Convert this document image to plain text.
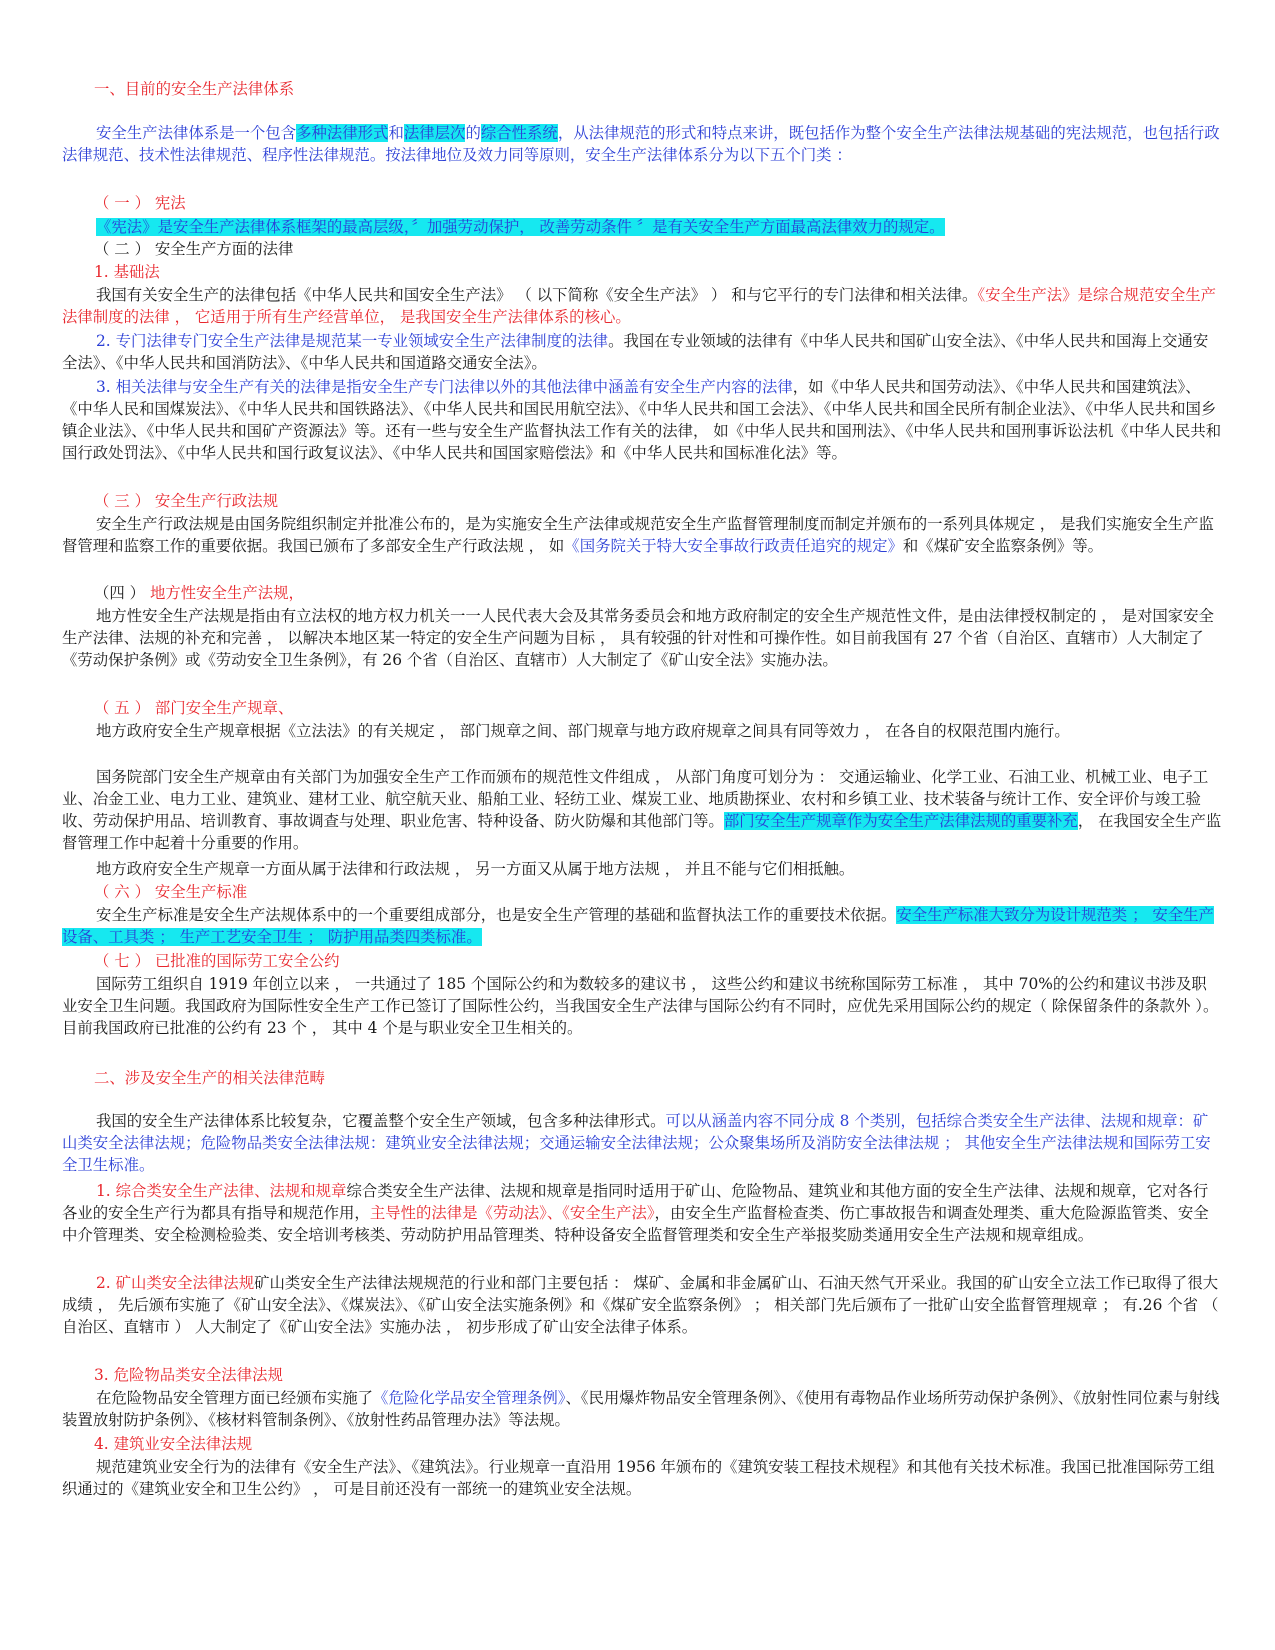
一、目前的安全生产法律体系

安全生产法律体系是一个包含多种法律形式和法律层次的综合性系统，从法律规范的形式和特点来讲，既包括作为整个安全生产法律法规基础的宪法规范，也包括行政法律规范、技术性法律规范、程序性法律规范。按法律地位及效力同等原则，安全生产法律体系分为以下五个门类 ：

（ 一 ） 宪法

《宪法》是安全生产法律体系框架的最高层级，〞加强劳动保护， 改善劳动条件 〞是有关安全生产方面最高法律效力的规定。

（ 二 ） 安全生产方面的法律

1. 基础法

我国有关安全生产的法律包括《中华人民共和国安全生产法》 （ 以下简称《安全生产法》 ） 和与它平行的专门法律和相关法律。《安全生产法》是综合规范安全生产法律制度的法律 ， 它适用于所有生产经营单位， 是我国安全生产法律体系的核心。

2. 专门法律专门安全生产法律是规范某一专业领域安全生产法律制度的法律。我国在专业领域的法律有《中华人民共和国矿山安全法》、《中华人民共和国海上交通安全法》、《中华人民共和国消防法》、《中华人民共和国道路交通安全法》。

3. 相关法律与安全生产有关的法律是指安全生产专门法律以外的其他法律中涵盖有安全生产内容的法律，如《中华人民共和国劳动法》、《中华人民共和国建筑法》、《中华人民和国煤炭法》、《中华人民共和国铁路法》、《中华人民共和国民用航空法》、《中华人民共和国工会法》、《中华人民共和国全民所有制企业法》、《中华人民共和国乡镇企业法》、《中华人民共和国矿产资源法》等。还有一些与安全生产监督执法工作有关的法律， 如《中华人民共和国刑法》、《中华人民共和国刑事诉讼法机《中华人民共和国行政处罚法》、《中华人民共和国行政复议法》、《中华人民共和国国家赔偿法》和《中华人民共和国标准化法》等。

（ 三 ） 安全生产行政法规

安全生产行政法规是由国务院组织制定并批准公布的，是为实施安全生产法律或规范安全生产监督管理制度而制定并颁布的一系列具体规定 ， 是我们实施安全生产监督管理和监察工作的重要依据。我国已颁布了多部安全生产行政法规 ， 如《国务院关于特大安全事故行政责任追究的规定》和《煤矿安全监察条例》等。

（四 ） 地方性安全生产法规，

地方性安全生产法规是指由有立法权的地方权力机关一一人民代表大会及其常务委员会和地方政府制定的安全生产规范性文件，是由法律授权制定的 ， 是对国家安全生产法律、法规的补充和完善 ， 以解决本地区某一特定的安全生产问题为目标 ， 具有较强的针对性和可操作性。如目前我国有 27 个省（自治区、直辖市）人大制定了《劳动保护条例》或《劳动安全卫生条例》，有 26 个省（自治区、直辖市）人大制定了《矿山安全法》实施办法。

（ 五 ） 部门安全生产规章、

地方政府安全生产规章根据《立法法》的有关规定 ， 部门规章之间、部门规章与地方政府规章之间具有同等效力 ， 在各自的权限范围内施行。

国务院部门安全生产规章由有关部门为加强安全生产工作而颁布的规范性文件组成 ， 从部门角度可划分为 ： 交通运输业、化学工业、石油工业、机械工业、电子工业、冶金工业、电力工业、建筑业、建材工业、航空航天业、船舶工业、轻纺工业、煤炭工业、地质勘探业、农村和乡镇工业、技术装备与统计工作、安全评价与竣工验收、劳动保护用品、培训教育、事故调查与处理、职业危害、特种设备、防火防爆和其他部门等。部门安全生产规章作为安全生产法律法规的重要补充， 在我国安全生产监督管理工作中起着十分重要的作用。

地方政府安全生产规章一方面从属于法律和行政法规 ， 另一方面又从属于地方法规 ， 并且不能与它们相抵触。

（ 六 ） 安全生产标准

安全生产标准是安全生产法规体系中的一个重要组成部分，也是安全生产管理的基础和监督执法工作的重要技术依据。安全生产标准大致分为设计规范类 ； 安全生产设备、工具类 ； 生产工艺安全卫生 ； 防护用品类四类标准。

（ 七 ） 已批准的国际劳工安全公约

国际劳工组织自 1919 年创立以来 ， 一共通过了 185 个国际公约和为数较多的建议书 ， 这些公约和建议书统称国际劳工标准 ， 其中 70%的公约和建议书涉及职业安全卫生问题。我国政府为国际性安全生产工作已签订了国际性公约，当我国安全生产法律与国际公约有不同时，应优先采用国际公约的规定（ 除保留条件的条款外 ）。目前我国政府已批准的公约有 23 个 ， 其中 4 个是与职业安全卫生相关的。

二、涉及安全生产的相关法律范畴

我国的安全生产法律体系比较复杂，它覆盖整个安全生产领域，包含多种法律形式。可以从涵盖内容不同分成 8 个类别，包括综合类安全生产法律、法规和规章：矿山类安全法律法规；危险物品类安全法律法规：建筑业安全法律法规；交通运输安全法律法规；公众聚集场所及消防安全法律法规 ； 其他安全生产法律法规和国际劳工安全卫生标准。

1. 综合类安全生产法律、法规和规章综合类安全生产法律、法规和规章是指同时适用于矿山、危险物品、建筑业和其他方面的安全生产法律、法规和规章，它对各行各业的安全生产行为都具有指导和规范作用，主导性的法律是《劳动法》、《安全生产法》，由安全生产监督检查类、伤亡事故报告和调查处理类、重大危险源监管类、安全中介管理类、安全检测检验类、安全培训考核类、劳动防护用品管理类、特种设备安全监督管理类和安全生产举报奖励类通用安全生产法规和规章组成。

2. 矿山类安全法律法规矿山类安全生产法律法规规范的行业和部门主要包括 ： 煤矿、金属和非金属矿山、石油天然气开采业。我国的矿山安全立法工作已取得了很大成绩 ， 先后颁布实施了《矿山安全法》、《煤炭法》、《矿山安全法实施条例》和《煤矿安全监察条例》 ； 相关部门先后颁布了一批矿山安全监督管理规章 ； 有.26 个省 （ 自治区、直辖市 ） 人大制定了《矿山安全法》实施办法 ， 初步形成了矿山安全法律子体系。

3. 危险物品类安全法律法规

在危险物品安全管理方面已经颁布实施了《危险化学品安全管理条例》、《民用爆炸物品安全管理条例》、《使用有毒物品作业场所劳动保护条例》、《放射性同位素与射线装置放射防护条例》、《核材料管制条例》、《放射性药品管理办法》等法规。

4. 建筑业安全法律法规

规范建筑业安全行为的法律有《安全生产法》、《建筑法》。行业规章一直沿用 1956 年颁布的《建筑安装工程技术规程》和其他有关技术标准。我国已批准国际劳工组织通过的《建筑业安全和卫生公约》 ， 可是目前还没有一部统一的建筑业安全法规。
